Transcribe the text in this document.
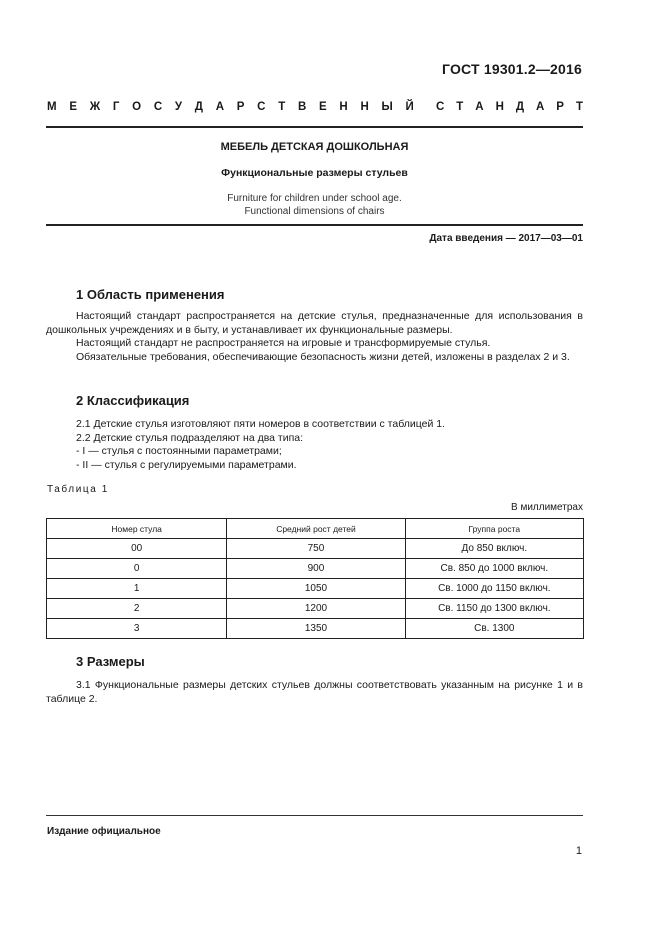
ГОСТ 19301.2—2016
М Е Ж Г О С У Д А Р С Т В Е Н Н Ы Й С Т А Н Д А Р Т
МЕБЕЛЬ ДЕТСКАЯ ДОШКОЛЬНАЯ
Функциональные размеры стульев
Furniture for children under school age.
Functional dimensions of chairs
Дата введения — 2017—03—01
1 Область применения

Настоящий стандарт распространяется на детские стулья, предназначенные для использования в дошкольных учреждениях и в быту, и устанавливает их функциональные размеры.

Настоящий стандарт не распространяется на игровые и трансформируемые стулья.

Обязательные требования, обеспечивающие безопасность жизни детей, изложены в разделах 2 и 3.

2 Классификация

2.1 Детские стулья изготовляют пяти номеров в соответствии с таблицей 1.

2.2 Детские стулья подразделяют на два типа:

- I — стулья с постоянными параметрами;

- II — стулья с регулируемыми параметрами.

Таблица 1
В миллиметрах
Номер стула	Средний рост детей	Группа роста
00	750	До 850 включ.
0	900	Св. 850 до 1000 включ.
1	1050	Св. 1000 до 1150 включ.
2	1200	Св. 1150 до 1300 включ.
3	1350	Св. 1300
3 Размеры

3.1 Функциональные размеры детских стульев должны соответствовать указанным на рисунке 1 и в таблице 2.

Издание официальное
1
